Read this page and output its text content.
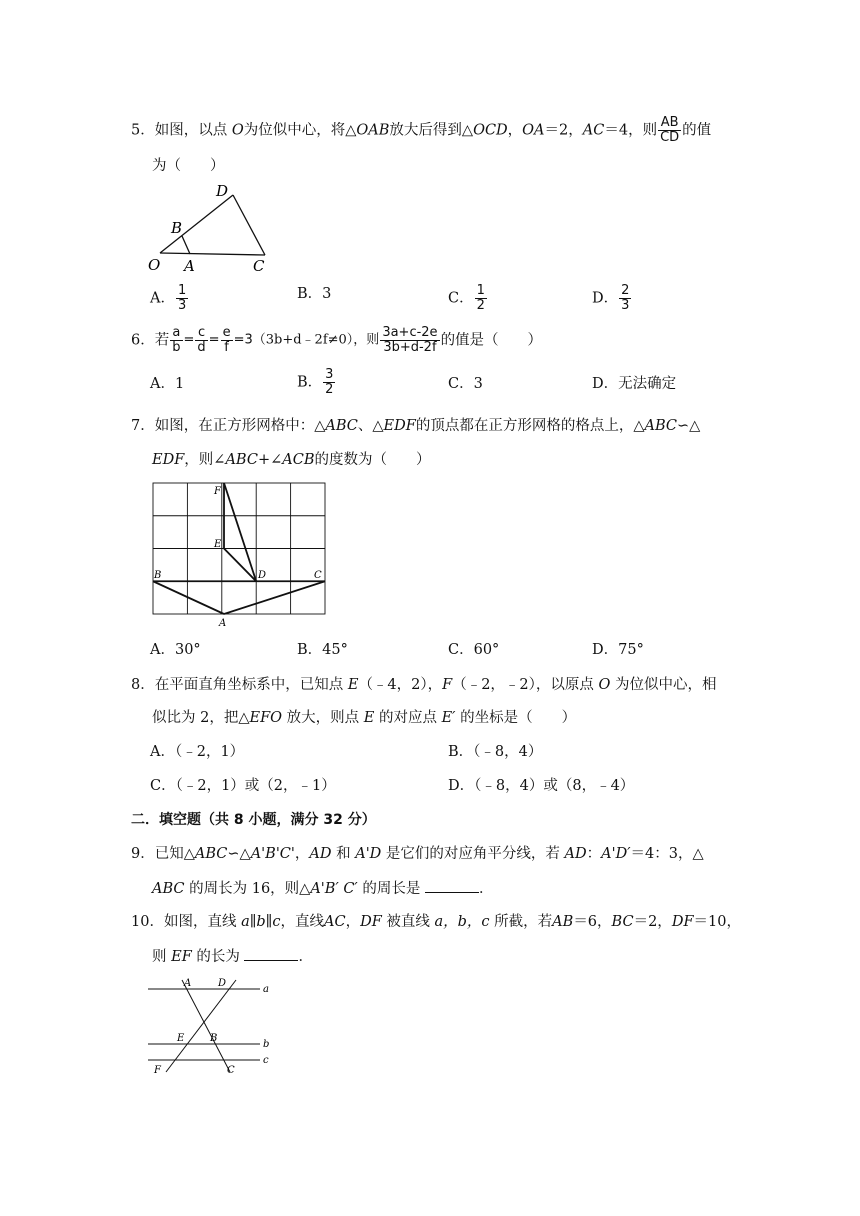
5．如图，以点 O为位似中心，将△OAB放大后得到△OCD，OA＝2，AC＝4，则 $\frac{AB}{CD}$ 的值
为（　　）
D
B
O A	C
A． $\frac{1}{3}$	B．3	C． $\frac{1}{2}$	D． $\frac{2}{3}$
6．若 $\frac{a}{b} = \frac{c}{d} = \frac{e}{f}$ =3（3b+d﹣2f≠0），则 $\frac{3a+c-2e}{3b+d-2f}$ 的值是（　　）
A．1	B． $\frac{3}{2}$	C．3	D．无法确定
7．如图，在正方形网格中：△ABC、△EDF的顶点都在正方形网格的格点上，△ABC∽△
EDF，则∠ABC+∠ACB的度数为（　　）
F
E
B	D	C
A
A．30°	B．45°	C．60°	D．75°
8．在平面直角坐标系中，已知点 E（﹣4，2），F（﹣2，﹣2），以原点 O 为位似中心，相
似比为 2，把△EFO 放大，则点 E 的对应点 E′ 的坐标是（　　）
A．（﹣2，1）	B．（﹣8，4）
C．（﹣2，1）或（2，﹣1）	D．（﹣8，4）或（8，﹣4）
二．填空题（共 8 小题，满分 32 分）
9．已知△ABC∽△A'B'C'，AD 和 A'D 是它们的对应角平分线，若 AD：A'D′＝4：3，△
ABC 的周长为 16，则△A'B′ C′ 的周长是	．
10．如图，直线 a∥b∥c，直线AC，DF 被直线 a，b，c 所截，若AB＝6，BC＝2，DF＝10，
则 EF 的长为	．
A	D
a
E	B
b
c
F	C
